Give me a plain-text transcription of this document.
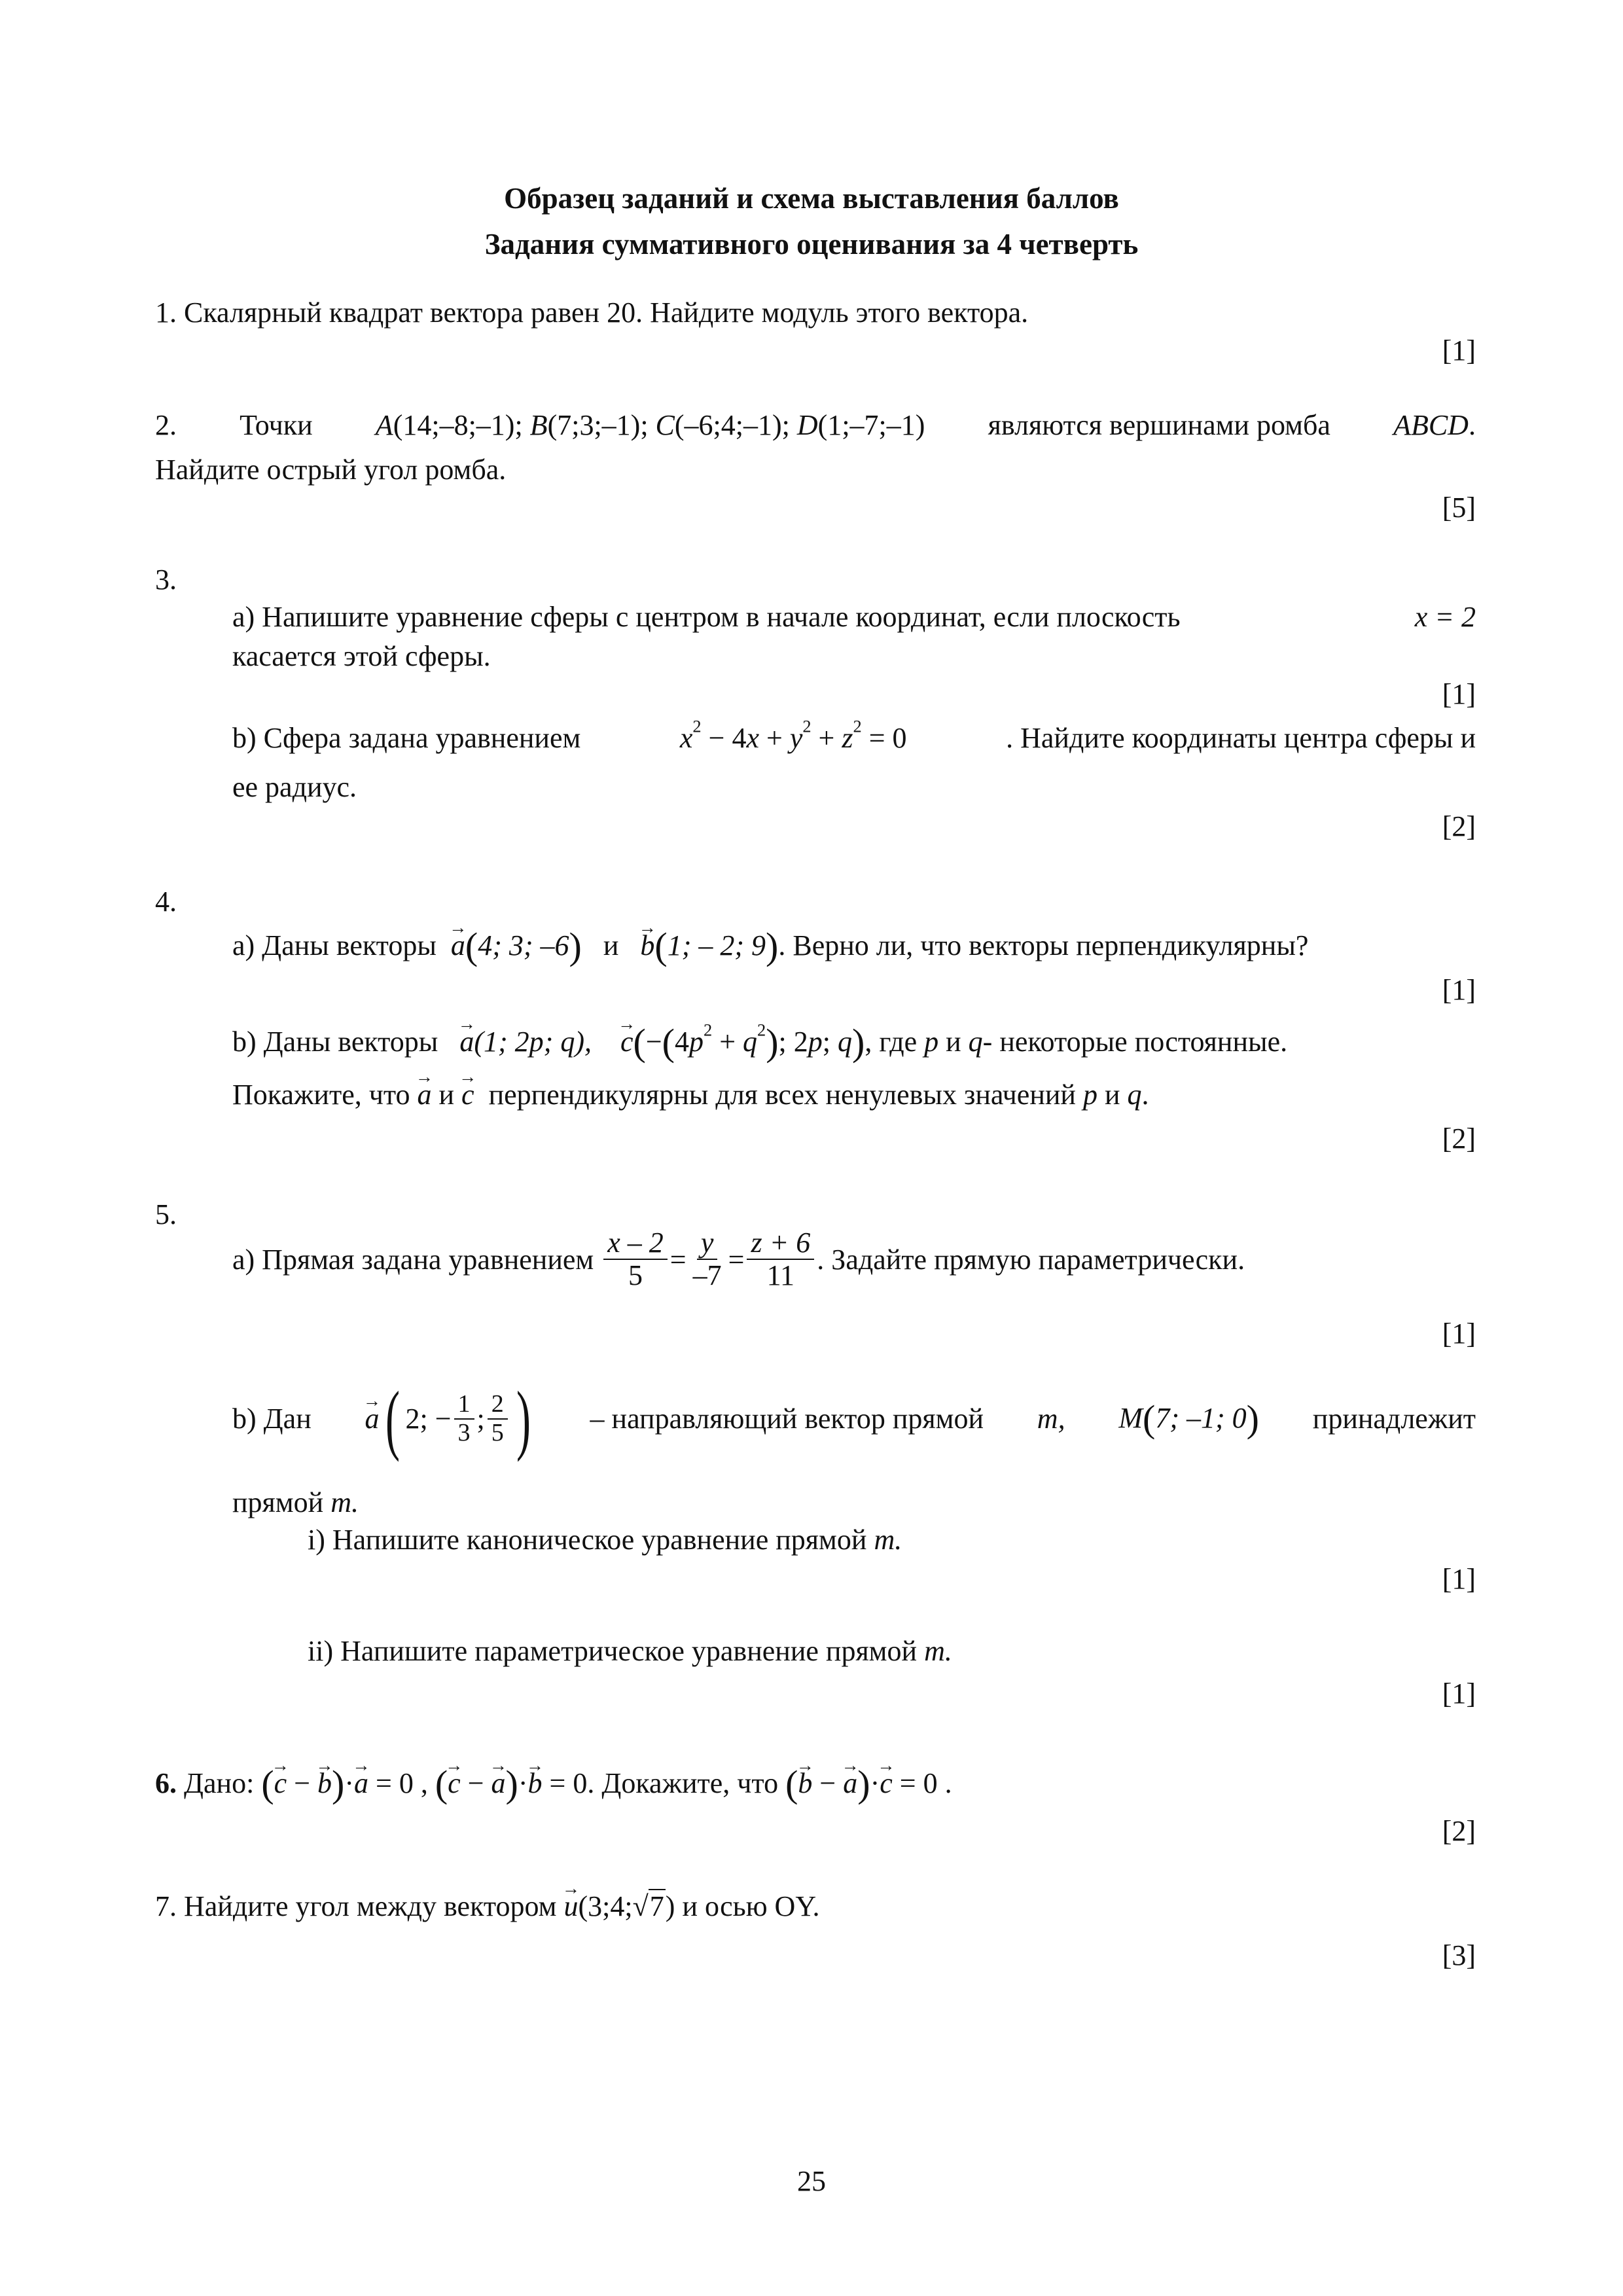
Образец заданий и схема выставления баллов
Задания суммативного оценивания за 4 четверть
1. Скалярный квадрат вектора равен 20. Найдите модуль этого вектора.
[1]
2. Точки A(14;–8;–1); B(7;3;–1); C(–6;4;–1); D(1;–7;–1) являются вершинами ромба ABCD.
Найдите острый угол ромба.
[5]
3.
a) Напишите уравнение сферы с центром в начале координат, если плоскость	x = 2
касается этой сферы.
[1]
b) Сфера задана уравнением	$x^2 - 4x + y^2 + z^2 = 0$	. Найдите координаты центра сферы и
ее радиус.
[2]
4.
a) Даны векторы → a(4; 3; –6) и → b(1; – 2; 9). Верно ли, что векторы перпендикулярны?
[1]
b) Даны векторы → a(1; 2p; q), → $c(-(4p^2 + q^2)$; 2p; q), где p и q- некоторые постоянные.
Покажите, что → a и → c перпендикулярны для всех ненулевых значений p и q.
[2]
5.
a) Прямая задана уравнением
$\frac{x - 2}{5} = \frac{y}{-7} = \frac{z + 6}{11}$ . Задайте прямую параметрически.
[1]
b) Дан → a ( 2; − $\frac{1}{3}$ ; $\frac{2}{5}$ ) – направляющий вектор прямой m, M(7; –1; 0) принадлежит
прямой m.
i) Напишите каноническое уравнение прямой m.
[1]
ii) Напишите параметрическое уравнение прямой m.
[1]
6. Дано: (→ c − → b)·→ a = 0 , (→ c − → a)·→ b = 0. Докажите, что (→ b − → a)·→ c = 0 .
[2]
7. Найдите угол между вектором → u(3;4;√7) и осью OY.
[3]
25
